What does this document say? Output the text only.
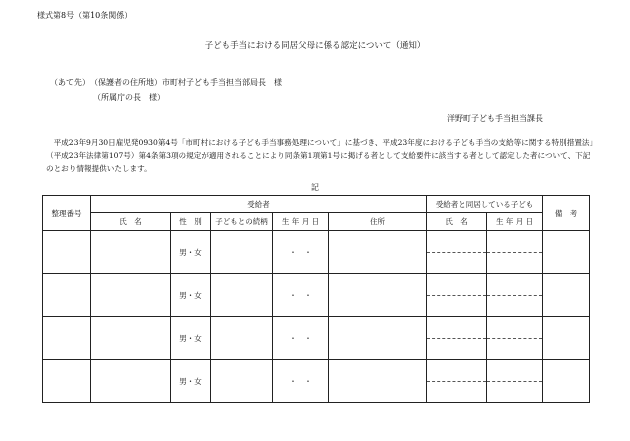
様式第8号（第10条関係）
子ども手当における同居父母に係る認定について（通知）
（あて先）　（保護者の住所地）市町村子ども手当担当部局長　様
（所属庁の長　様）
洋野町子ども手当担当課長
　平成23年9月30日雇児発0930第4号「市町村における子ども手当事務処理について」に基づき、平成23年度における子ども手当の支給等に関する特別措置法」（平成23年法律第107号）第4条第3項の規定が適用されることにより同条第1項第1号に掲げる者として支給要件に該当する者として認定した者について、下記のとおり情報提供いたします。
記
整理番号	受給者					受給者と同居している子ども		備　考
	氏　名	性　別	子どもとの続柄	生 年 月 日	住所	氏　名	生 年 月 日	
		男・女		・　・		

		男・女		・　・		

		男・女		・　・		

		男・女		・　・		
